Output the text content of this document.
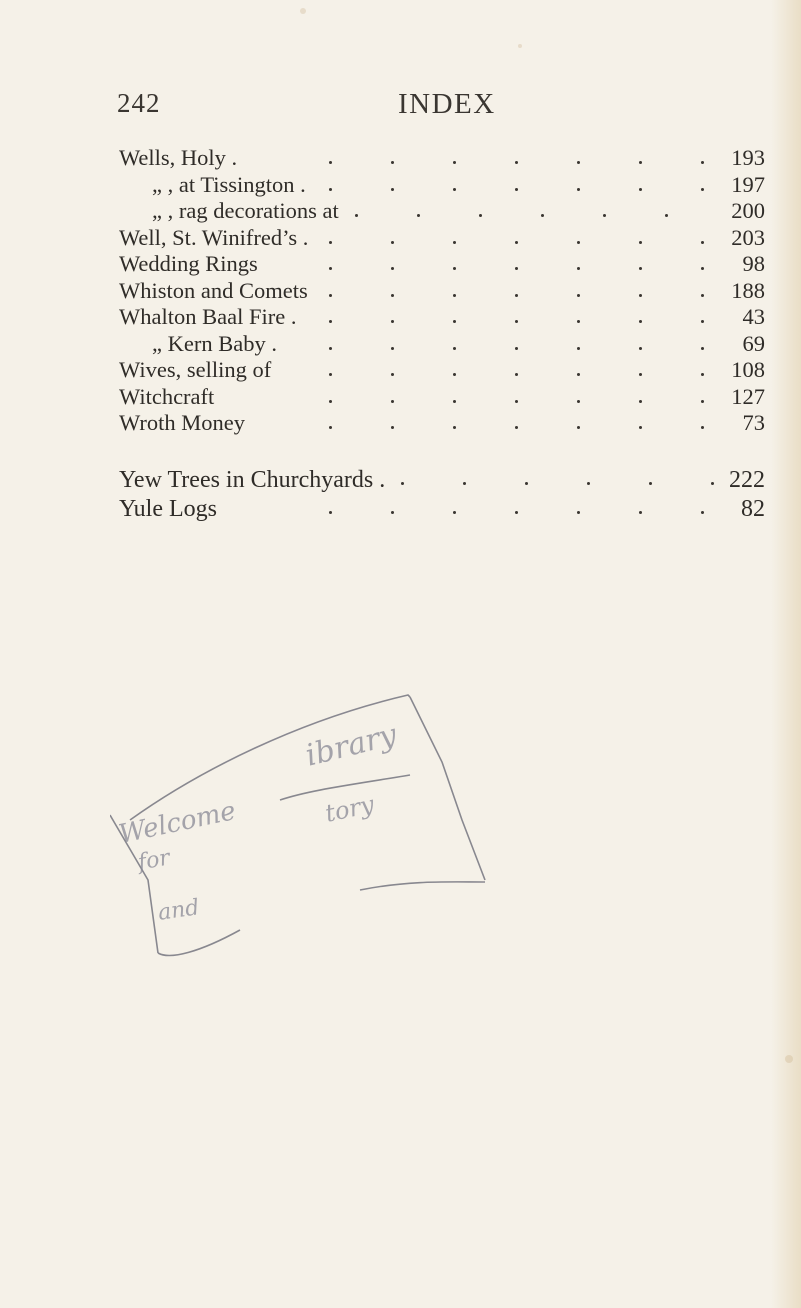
242	INDEX
Wells, Holy .	193
„ , at Tissington .	197
„ , rag decorations at	200
Well, St. Winifred’s .	203
Wedding Rings	98
Whiston and Comets	188
Whalton Baal Fire .	43
„ Kern Baby .	69
Wives, selling of	108
Witchcraft	127
Wroth Money	73
Yew Trees in Churchyards .	222
Yule Logs	82
ibrary
Welcome
for
tory
and
